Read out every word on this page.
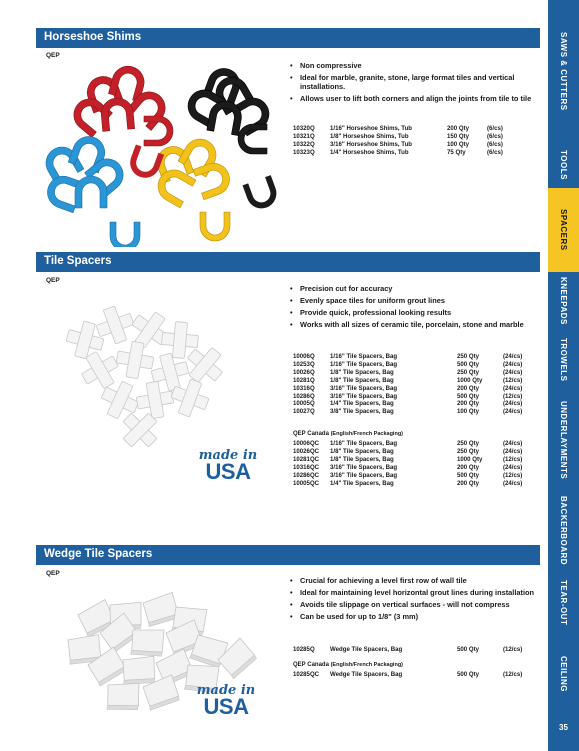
Horseshoe Shims
QEP
• Non compressive
• Ideal for marble, granite, stone, large format tiles and vertical installations.
• Allows user to lift both corners and align the joints from tile to tile
10320Q	1/16" Horseshoe Shims, Tub	200 Qty	(6/cs)
10321Q	1/8" Horseshoe Shims, Tub	150 Qty	(6/cs)
10322Q	3/16" Horseshoe Shims, Tub	100 Qty	(6/cs)
10323Q	1/4" Horseshoe Shims, Tub	75 Qty	(6/cs)
Tile Spacers
QEP
made in
USA
• Precision cut for accuracy
• Evenly space tiles for uniform grout lines
• Provide quick, professional looking results
• Works with all sizes of ceramic tile, porcelain, stone and marble
10006Q	1/16" Tile Spacers, Bag	250 Qty	(24/cs)
10253Q	1/16" Tile Spacers, Bag	500 Qty	(24/cs)
10026Q	1/8" Tile Spacers, Bag	250 Qty	(24/cs)
10281Q	1/8" Tile Spacers, Bag	1000 Qty	(12/cs)
10316Q	3/16" Tile Spacers, Bag	200 Qty	(24/cs)
10286Q	3/16" Tile Spacers, Bag	500 Qty	(12/cs)
10005Q	1/4" Tile Spacers, Bag	200 Qty	(24/cs)
10027Q	3/8" Tile Spacers, Bag	100 Qty	(24/cs)
QEP Canada (English/French Packaging)
10006QC	1/16" Tile Spacers, Bag	250 Qty	(24/cs)
10026QC	1/8" Tile Spacers, Bag	250 Qty	(24/cs)
10281QC	1/8" Tile Spacers, Bag	1000 Qty	(12/cs)
10316QC	3/16" Tile Spacers, Bag	200 Qty	(24/cs)
10286QC	3/16" Tile Spacers, Bag	500 Qty	(12/cs)
10005QC	1/4" Tile Spacers, Bag	200 Qty	(24/cs)
Wedge Tile Spacers
QEP
made in
USA
• Crucial for achieving a level first row of wall tile
• Ideal for maintaining level horizontal grout lines during installation
• Avoids tile slippage on vertical surfaces - will not compress
• Can be used for up to 1/8" (3 mm)
10285Q	Wedge Tile Spacers, Bag	500 Qty	(12/cs)
QEP Canada (English/French Packaging)
10285QC	Wedge Tile Spacers, Bag	500 Qty	(12/cs)
SAWS & CUTTERS
TOOLS
SPACERS
KNEEPADS
TROWELS
UNDERLAYMENTS
BACKERBOARD
TEAR-OUT
CEILING
35
